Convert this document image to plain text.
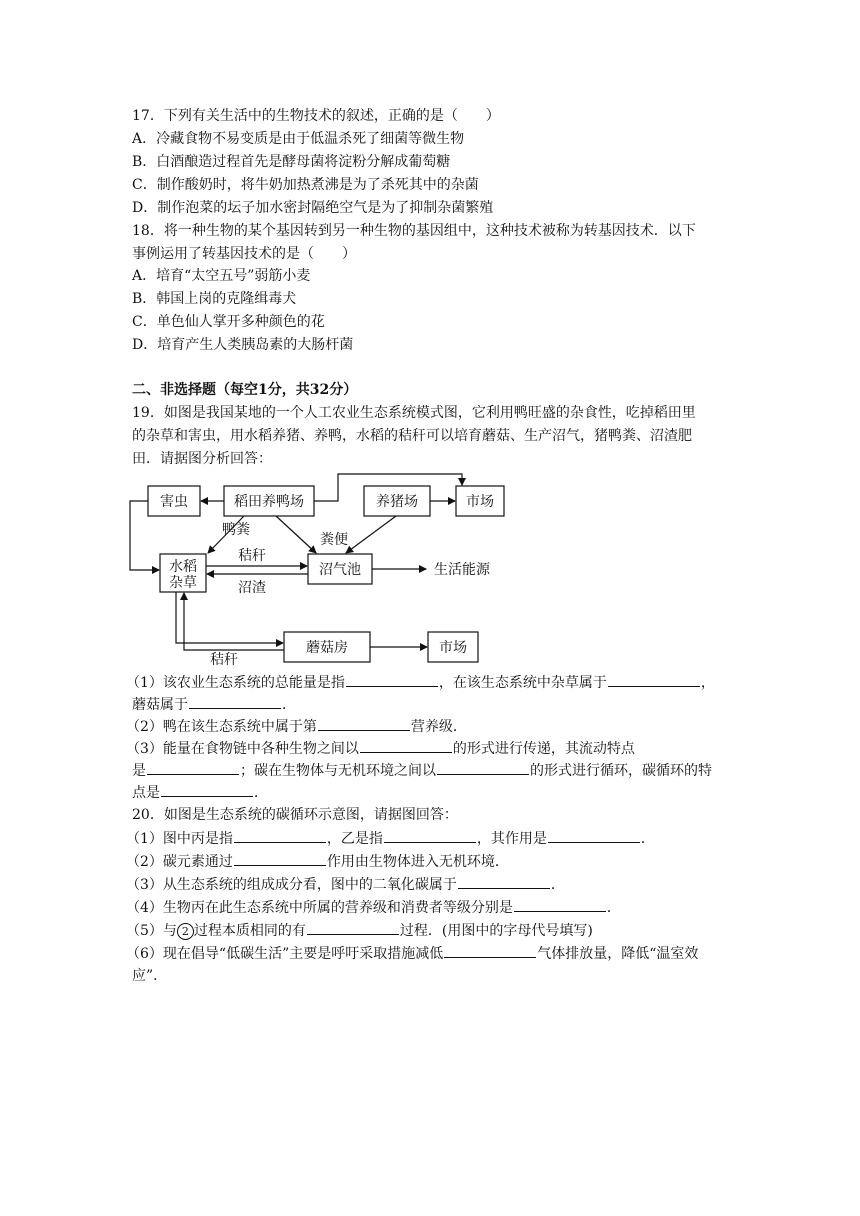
17．下列有关生活中的生物技术的叙述，正确的是（　　）
A．冷藏食物不易变质是由于低温杀死了细菌等微生物
B．白酒酿造过程首先是酵母菌将淀粉分解成葡萄糖
C．制作酸奶时，将牛奶加热煮沸是为了杀死其中的杂菌
D．制作泡菜的坛子加水密封隔绝空气是为了抑制杂菌繁殖
18．将一种生物的某个基因转到另一种生物的基因组中，这种技术被称为转基因技术．以下
事例运用了转基因技术的是（　　）
A．培育“太空五号”弱筋小麦
B．韩国上岗的克隆缉毒犬
C．单色仙人掌开多种颜色的花
D．培育产生人类胰岛素的大肠杆菌
二、非选择题（每空1分，共32分）
19．如图是我国某地的一个人工农业生态系统模式图，它利用鸭旺盛的杂食性，吃掉稻田里
的杂草和害虫，用水稻养猪、养鸭，水稻的秸秆可以培育蘑菇、生产沼气，猪鸭粪、沼渣肥
田．请据图分析回答：
害虫	稻田养鸭场	养猪场	市场
鸭粪
粪便
水稻
杂草
秸秆
沼渣
沼气池	生活能源
蘑菇房	市场
秸秆
（1）该农业生态系统的总能量是指	，在该生态系统中杂草属于	，
蘑菇属于	．
（2）鸭在该生态系统中属于第	营养级．
（3）能量在食物链中各种生物之间以	的形式进行传递，其流动特点
是	；碳在生物体与无机环境之间以	的形式进行循环，碳循环的特
点是	．
20．如图是生态系统的碳循环示意图，请据图回答：
（1）图中丙是指	，乙是指	，其作用是	．
（2）碳元素通过	作用由生物体进入无机环境．
（3）从生态系统的组成成分看，图中的二氧化碳属于	．
（4）生物丙在此生态系统中所属的营养级和消费者等级分别是	．
（5）与 2 过程本质相同的有	过程．(用图中的字母代号填写)
（6）现在倡导“低碳生活”主要是呼吁采取措施减低	气体排放量，降低“温室效
应”．
